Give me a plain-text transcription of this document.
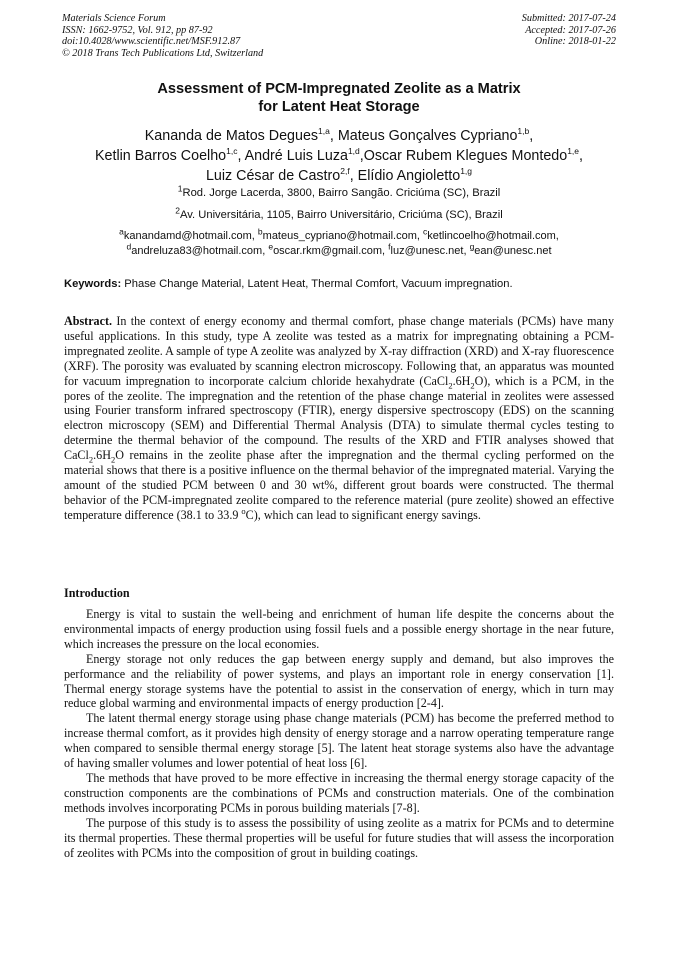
Materials Science Forum
ISSN: 1662-9752, Vol. 912, pp 87-92
doi:10.4028/www.scientific.net/MSF.912.87
© 2018 Trans Tech Publications Ltd, Switzerland
Submitted: 2017-07-24
Accepted: 2017-07-26
Online: 2018-01-22
Assessment of PCM-Impregnated Zeolite as a Matrix
for Latent Heat Storage
Kananda de Matos Degues$^{1,a}$, Mateus Gonçalves Cypriano$^{1,b}$,
Ketlin Barros Coelho$^{1,c}$, André Luis Luza$^{1,d}$,Oscar Rubem Klegues Montedo$^{1,e}$,
Luiz César de Castro$^{2,f}$, Elídio Angioletto$^{1,g}$
$^1$Rod. Jorge Lacerda, 3800, Bairro Sangão. Criciúma (SC), Brazil
$^2$Av. Universitária, 1105, Bairro Universitário, Criciúma (SC), Brazil
$^a$kanandamd@hotmail.com, $^b$mateus_cypriano@hotmail.com, $^c$ketlincoelho@hotmail.com,
$^d$andreluza83@hotmail.com, $^e$oscar.rkm@gmail.com, $^f$luz@unesc.net, $^g$ean@unesc.net
Keywords: Phase Change Material, Latent Heat, Thermal Comfort, Vacuum impregnation.
Abstract. In the context of energy economy and thermal comfort, phase change materials (PCMs) have many useful applications. In this study, type A zeolite was tested as a matrix for impregnating obtaining a PCM-impregnated zeolite. A sample of type A zeolite was analyzed by X-ray diffraction (XRD) and X-ray fluorescence (XRF). The porosity was evaluated by scanning electron microscopy. Following that, an apparatus was mounted for vacuum impregnation to incorporate calcium chloride hexahydrate $(CaCl_2.6H_2O)$, which is a PCM, in the pores of the zeolite. The impregnation and the retention of the phase change material in zeolites were assessed using Fourier transform infrared spectroscopy (FTIR), energy dispersive spectroscopy (EDS) on the scanning electron microscopy (SEM) and Differential Thermal Analysis (DTA) to simulate thermal cycles testing to determine the thermal behavior of the compound. The results of the XRD and FTIR analyses showed that $CaCl_2.6H_2O$ remains in the zeolite phase after the impregnation and the thermal cycling performed on the material shows that there is a positive influence on the thermal behavior of the impregnated material. Varying the amount of the studied PCM between 0 and 30 wt%, different grout boards were constructed. The thermal behavior of the PCM-impregnated zeolite compared to the reference material (pure zeolite) showed an effective temperature difference (38.1 to 33.9 $^o$C), which can lead to significant energy savings.
Introduction

Energy is vital to sustain the well-being and enrichment of human life despite the concerns about the environmental impacts of energy production using fossil fuels and a possible energy shortage in the near future, which increases the pressure on the local economies.

Energy storage not only reduces the gap between energy supply and demand, but also improves the performance and the reliability of power systems, and plays an important role in energy conservation [1]. Thermal energy storage systems have the potential to assist in the conservation of energy, which in turn may reduce global warming and environmental impacts of energy production [2-4].

The latent thermal energy storage using phase change materials (PCM) has become the preferred method to increase thermal comfort, as it provides high density of energy storage and a narrow operating temperature range when compared to sensible thermal energy storage [5]. The latent heat storage systems also have the advantage of having smaller volumes and lower potential of heat loss [6].

The methods that have proved to be more effective in increasing the thermal energy storage capacity of the construction components are the combinations of PCMs and construction materials. One of the combination methods involves incorporating PCMs in porous building materials [7-8].

The purpose of this study is to assess the possibility of using zeolite as a matrix for PCMs and to determine its thermal properties. These thermal properties will be useful for future studies that will assess the incorporation of zeolites with PCMs into the composition of grout in building coatings.
